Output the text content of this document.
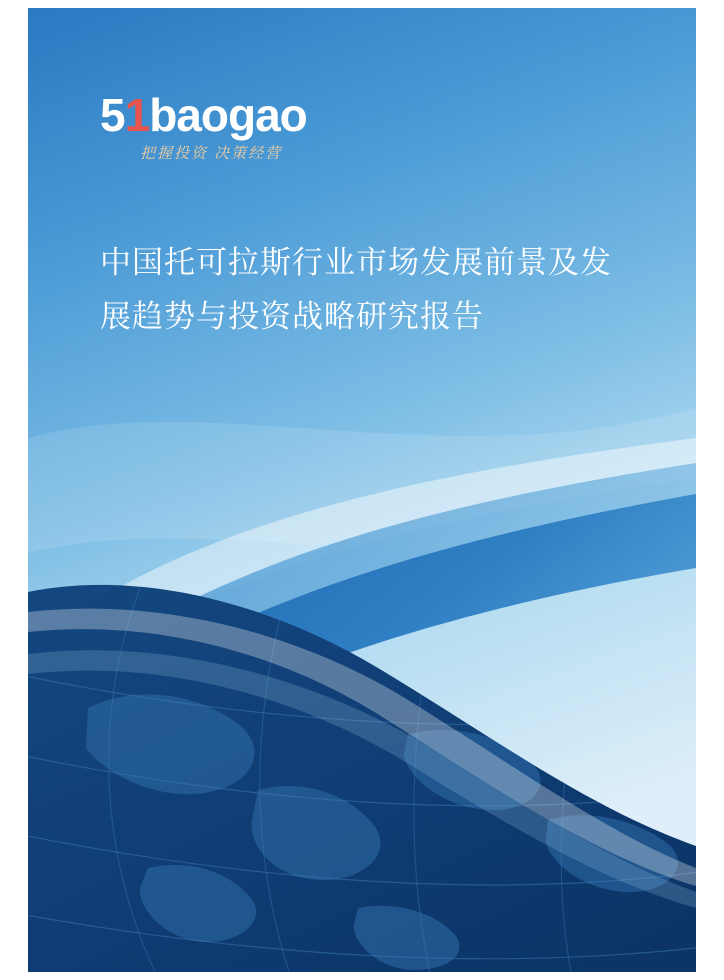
51baogao
把握投资 决策经营
中国托可拉斯行业市场发展前景及发展趋势与投资战略研究报告
